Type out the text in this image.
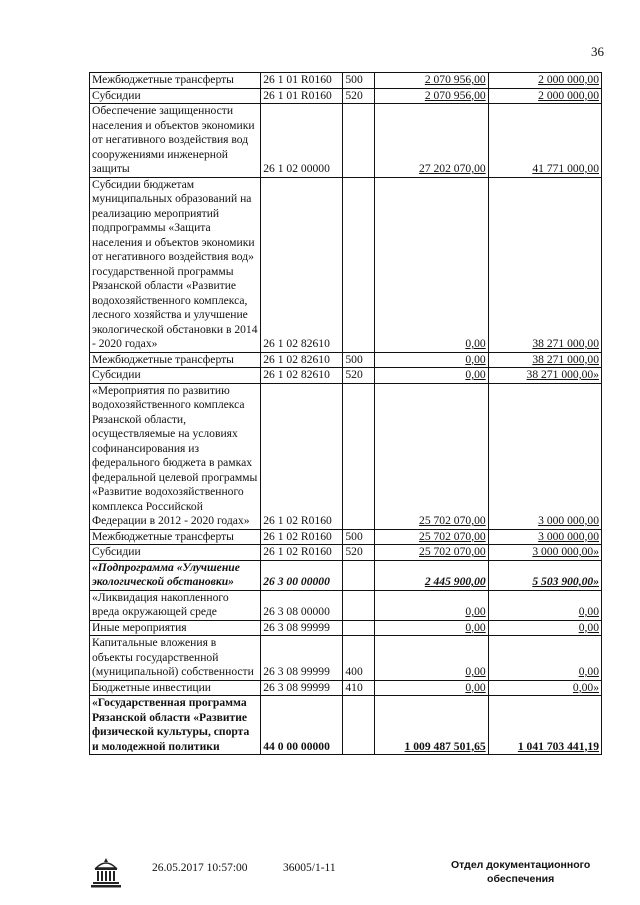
36
Межбюджетные трансферты	26 1 01 R0160	500	2 070 956,00	2 000 000,00
Субсидии	26 1 01 R0160	520	2 070 956,00	2 000 000,00
Обеспечение защищенности населения и объектов экономики от негативного воздействия вод сооружениями инженерной защиты	26 1 02 00000		27 202 070,00	41 771 000,00
Субсидии бюджетам муниципальных образований на реализацию мероприятий подпрограммы «Защита населения и объектов экономики от негативного воздействия вод» государственной программы Рязанской области «Развитие водохозяйственного комплекса, лесного хозяйства и улучшение экологической обстановки в 2014 - 2020 годах»	26 1 02 82610		0,00	38 271 000,00
Межбюджетные трансферты	26 1 02 82610	500	0,00	38 271 000,00
Субсидии	26 1 02 82610	520	0,00	38 271 000,00»
«Мероприятия по развитию водохозяйственного комплекса Рязанской области, осуществляемые на условиях софинансирования из федерального бюджета в рамках федеральной целевой программы «Развитие водохозяйственного комплекса Российской Федерации в 2012 - 2020 годах»	26 1 02 R0160		25 702 070,00	3 000 000,00
Межбюджетные трансферты	26 1 02 R0160	500	25 702 070,00	3 000 000,00
Субсидии	26 1 02 R0160	520	25 702 070,00	3 000 000,00»
«Подпрограмма «Улучшение экологической обстановки»	26 3 00 00000		2 445 900,00	5 503 900,00»
«Ликвидация накопленного вреда окружающей среде	26 3 08 00000		0,00	0,00
Иные мероприятия	26 3 08 99999		0,00	0,00
Капитальные вложения в объекты государственной (муниципальной) собственности	26 3 08 99999	400	0,00	0,00
Бюджетные инвестиции	26 3 08 99999	410	0,00	0,00»
«Государственная программа Рязанской области «Развитие физической культуры, спорта и молодежной политики	44 0 00 00000		1 009 487 501,65	1 041 703 441,19
26.05.2017 10:57:00	36005/1-11	Отдел документационного
обеспечения
